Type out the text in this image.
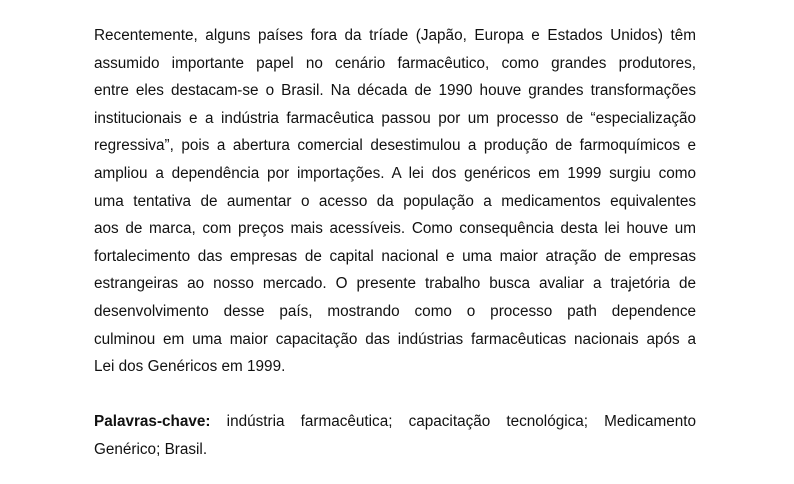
Recentemente, alguns países fora da tríade (Japão, Europa e Estados Unidos) têm
assumido importante papel no cenário farmacêutico, como grandes produtores,
entre eles destacam-se o Brasil. Na década de 1990 houve grandes transformações
institucionais e a indústria farmacêutica passou por um processo de “especialização
regressiva”, pois a abertura comercial desestimulou a produção de farmoquímicos e
ampliou a dependência por importações. A lei dos genéricos em 1999 surgiu como
uma tentativa de aumentar o acesso da população a medicamentos equivalentes
aos de marca, com preços mais acessíveis. Como consequência desta lei houve um
fortalecimento das empresas de capital nacional e uma maior atração de empresas
estrangeiras ao nosso mercado. O presente trabalho busca avaliar a trajetória de
desenvolvimento desse país, mostrando como o processo path dependence
culminou em uma maior capacitação das indústrias farmacêuticas nacionais após a
Lei dos Genéricos em 1999.
Palavras-chave: indústria farmacêutica; capacitação tecnológica; Medicamento
Genérico; Brasil.
